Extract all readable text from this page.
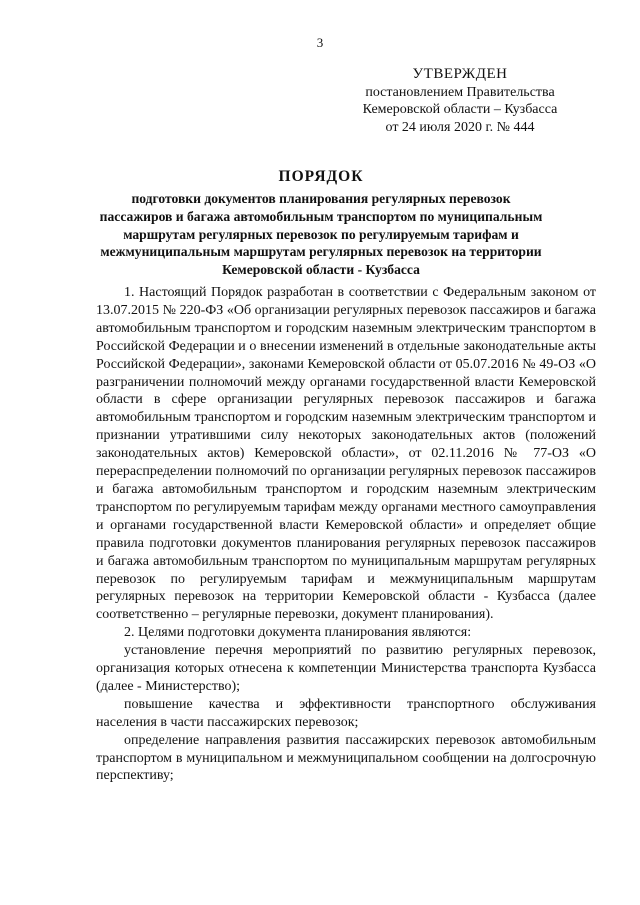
3
УТВЕРЖДЕН
постановлением Правительства
Кемеровской области – Кузбасса
от 24 июля 2020 г. № 444
ПОРЯДОК
подготовки документов планирования регулярных перевозок пассажиров и багажа автомобильным транспортом по муниципальным маршрутам регулярных перевозок по регулируемым тарифам и межмуниципальным маршрутам регулярных перевозок на территории Кемеровской области - Кузбасса

1. Настоящий Порядок разработан в соответствии с Федеральным законом от 13.07.2015 № 220-ФЗ «Об организации регулярных перевозок пассажиров и багажа автомобильным транспортом и городским наземным электрическим транспортом в Российской Федерации и о внесении изменений в отдельные законодательные акты Российской Федерации», законами Кемеровской области от 05.07.2016 № 49-ОЗ «О разграничении полномочий между органами государственной власти Кемеровской области в сфере организации регулярных перевозок пассажиров и багажа автомобильным транспортом и городским наземным электрическим транспортом и признании утратившими силу некоторых законодательных актов (положений законодательных актов) Кемеровской области», от 02.11.2016 № 77-ОЗ «О перераспределении полномочий по организации регулярных перевозок пассажиров и багажа автомобильным транспортом и городским наземным электрическим транспортом по регулируемым тарифам между органами местного самоуправления и органами государственной власти Кемеровской области» и определяет общие правила подготовки документов планирования регулярных перевозок пассажиров и багажа автомобильным транспортом по муниципальным маршрутам регулярных перевозок по регулируемым тарифам и межмуниципальным маршрутам регулярных перевозок на территории Кемеровской области - Кузбасса (далее соответственно – регулярные перевозки, документ планирования).

2. Целями подготовки документа планирования являются:

установление перечня мероприятий по развитию регулярных перевозок, организация которых отнесена к компетенции Министерства транспорта Кузбасса (далее - Министерство);

повышение качества и эффективности транспортного обслуживания населения в части пассажирских перевозок;

определение направления развития пассажирских перевозок автомобильным транспортом в муниципальном и межмуниципальном сообщении на долгосрочную перспективу;
